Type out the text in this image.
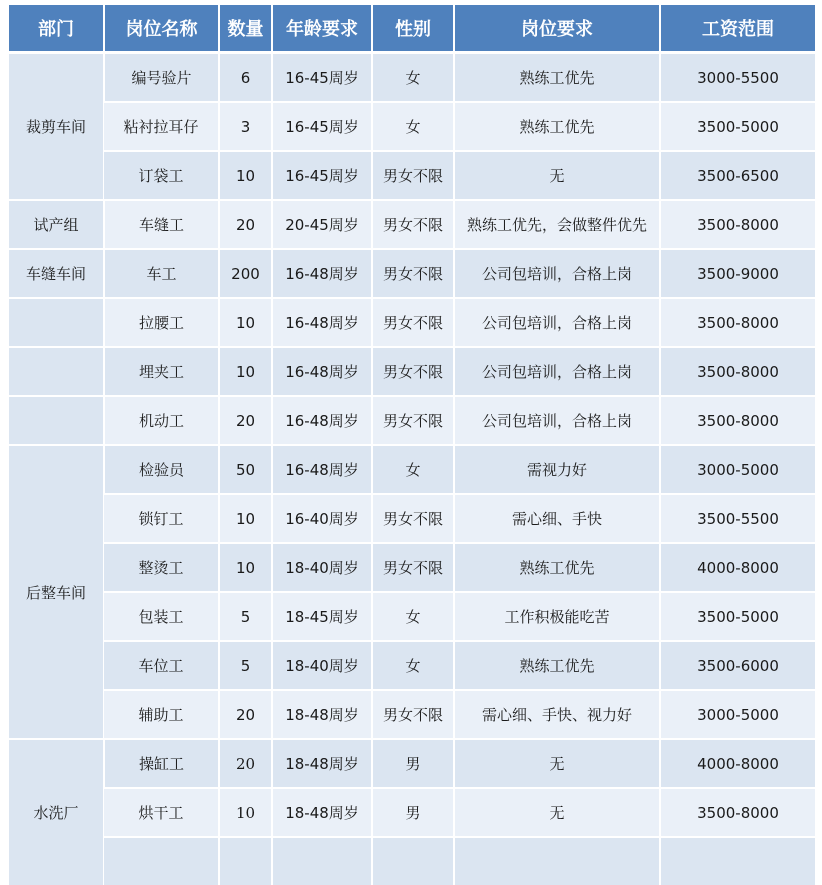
部门	岗位名称	数量	年龄要求	性别	岗位要求	工资范围
裁剪车间	编号验片	6	16-45周岁	女	熟练工优先	3000-5500
	粘衬拉耳仔	3	16-45周岁	女	熟练工优先	3500-5000
	订袋工	10	16-45周岁	男女不限	无	3500-6500
试产组	车缝工	20	20-45周岁	男女不限	熟练工优先，会做整件优先	3500-8000
车缝车间	车工	200	16-48周岁	男女不限	公司包培训，合格上岗	3500-9000
	拉腰工	10	16-48周岁	男女不限	公司包培训，合格上岗	3500-8000
	埋夹工	10	16-48周岁	男女不限	公司包培训，合格上岗	3500-8000
	机动工	20	16-48周岁	男女不限	公司包培训，合格上岗	3500-8000
后整车间	检验员	50	16-48周岁	女	需视力好	3000-5000
	锁钉工	10	16-40周岁	男女不限	需心细、手快	3500-5500
	整烫工	10	18-40周岁	男女不限	熟练工优先	4000-8000
	包装工	5	18-45周岁	女	工作积极能吃苦	3500-5000
	车位工	5	18-40周岁	女	熟练工优先	3500-6000
	辅助工	20	18-48周岁	男女不限	需心细、手快、视力好	3000-5000
水洗厂	操缸工	20	18-48周岁	男	无	4000-8000
	烘干工	10	18-48周岁	男	无	3500-8000
